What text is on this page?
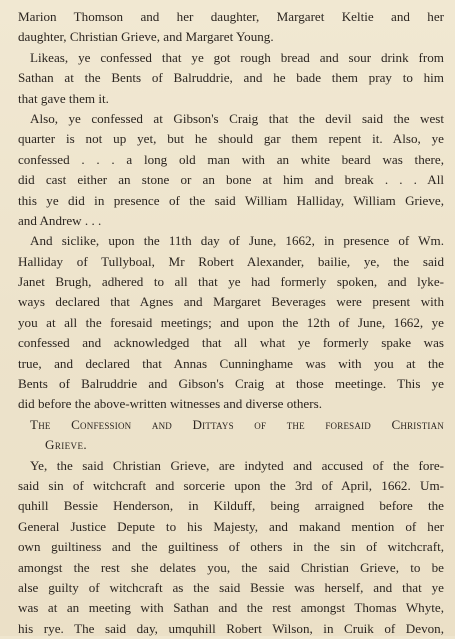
Marion Thomson and her daughter, Margaret Keltie and her
daughter, Christian Grieve, and Margaret Young.
Likeas, ye confessed that ye got rough bread and sour drink from
Sathan at the Bents of Balruddrie, and he bade them pray to him
that gave them it.
Also, ye confessed at Gibson's Craig that the devil said the west
quarter is not up yet, but he should gar them repent it. Also, ye
confessed . . . a long old man with an white beard was there,
did cast either an stone or an bone at him and break . . . All
this ye did in presence of the said William Halliday, William Grieve,
and Andrew . . .
And siclike, upon the 11th day of June, 1662, in presence of Wm.
Halliday of Tullyboal, Mr Robert Alexander, bailie, ye, the said
Janet Brugh, adhered to all that ye had formerly spoken, and lyke-
ways declared that Agnes and Margaret Beverages were present with
you at all the foresaid meetings; and upon the 12th of June, 1662, ye
confessed and acknowledged that all what ye formerly spake was
true, and declared that Annas Cunninghame was with you at the
Bents of Balruddrie and Gibson's Craig at those meetinge. This ye
did before the above-written witnesses and diverse others.
The Confession and Dittays of the foresaid Christian
Grieve.
Ye, the said Christian Grieve, are indyted and accused of the fore-
said sin of witchcraft and sorcerie upon the 3rd of April, 1662. Um-
quhill Bessie Henderson, in Kilduff, being arraigned before the
General Justice Depute to his Majesty, and makand mention of her
own guiltiness and the guiltiness of others in the sin of witchcraft,
amongst the rest she delates you, the said Christian Grieve, to be
alse guilty of witchcraft as the said Bessie was herself, and that ye
was at an meeting with Sathan and the rest amongst Thomas Whyte,
his rye. The said day, umquhill Robert Wilson, in Cruik of Devon,
